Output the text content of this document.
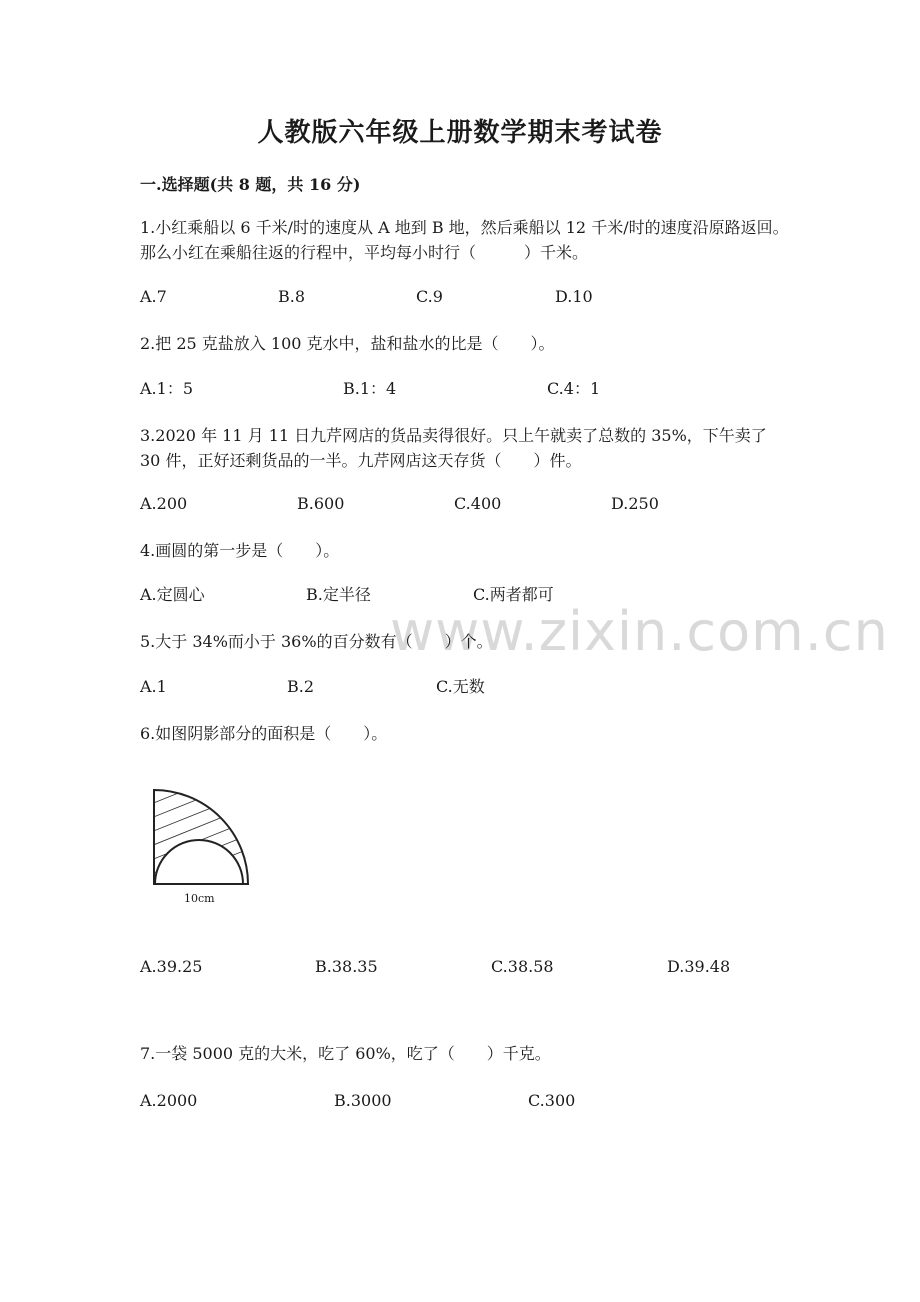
人教版六年级上册数学期末考试卷
一.选择题(共 8 题，共 16 分)
www.zixin.com.cn
1.小红乘船以 6 千米/时的速度从 A 地到 B 地，然后乘船以 12 千米/时的速度沿原路返回。那么小红在乘船往返的行程中，平均每小时行（　　　）千米。
A.7	B.8	C.9	D.10
2.把 25 克盐放入 100 克水中，盐和盐水的比是（　　）。
A.1：5	B.1：4	C.4：1
3.2020 年 11 月 11 日九芹网店的货品卖得很好。只上午就卖了总数的 35%，下午卖了 30 件，正好还剩货品的一半。九芹网店这天存货（　　）件。
A.200	B.600	C.400	D.250
4.画圆的第一步是（　　）。
A.定圆心	B.定半径	C.两者都可
5.大于 34%而小于 36%的百分数有（　　）个。
A.1	B.2	C.无数
6.如图阴影部分的面积是（　　）。
10cm
A.39.25	B.38.35	C.38.58	D.39.48
7.一袋 5000 克的大米，吃了 60%，吃了（　　）千克。
A.2000	B.3000	C.300
